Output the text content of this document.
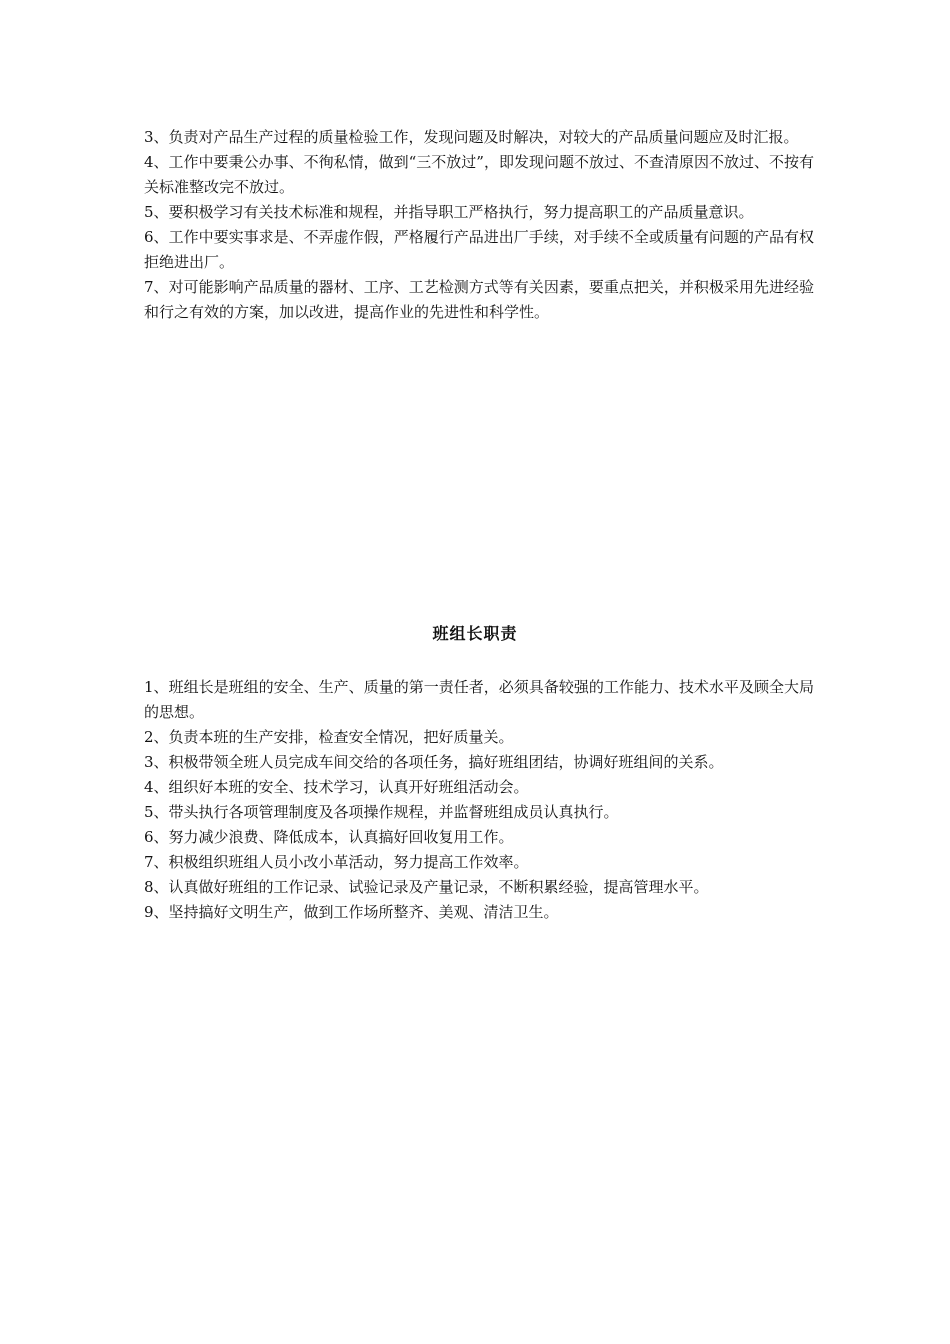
3、负责对产品生产过程的质量检验工作，发现问题及时解决，对较大的产品质量问题应及时汇报。

4、工作中要秉公办事、不徇私情，做到“三不放过”，即发现问题不放过、不查清原因不放过、不按有关标准整改完不放过。

5、要积极学习有关技术标准和规程，并指导职工严格执行，努力提高职工的产品质量意识。

6、工作中要实事求是、不弄虚作假，严格履行产品进出厂手续，对手续不全或质量有问题的产品有权拒绝进出厂。

7、对可能影响产品质量的器材、工序、工艺检测方式等有关因素，要重点把关，并积极采用先进经验和行之有效的方案，加以改进，提高作业的先进性和科学性。

班组长职责

1、班组长是班组的安全、生产、质量的第一责任者，必须具备较强的工作能力、技术水平及顾全大局的思想。

2、负责本班的生产安排，检查安全情况，把好质量关。

3、积极带领全班人员完成车间交给的各项任务，搞好班组团结，协调好班组间的关系。

4、组织好本班的安全、技术学习，认真开好班组活动会。

5、带头执行各项管理制度及各项操作规程，并监督班组成员认真执行。

6、努力减少浪费、降低成本，认真搞好回收复用工作。

7、积极组织班组人员小改小革活动，努力提高工作效率。

8、认真做好班组的工作记录、试验记录及产量记录，不断积累经验，提高管理水平。

9、坚持搞好文明生产，做到工作场所整齐、美观、清洁卫生。
